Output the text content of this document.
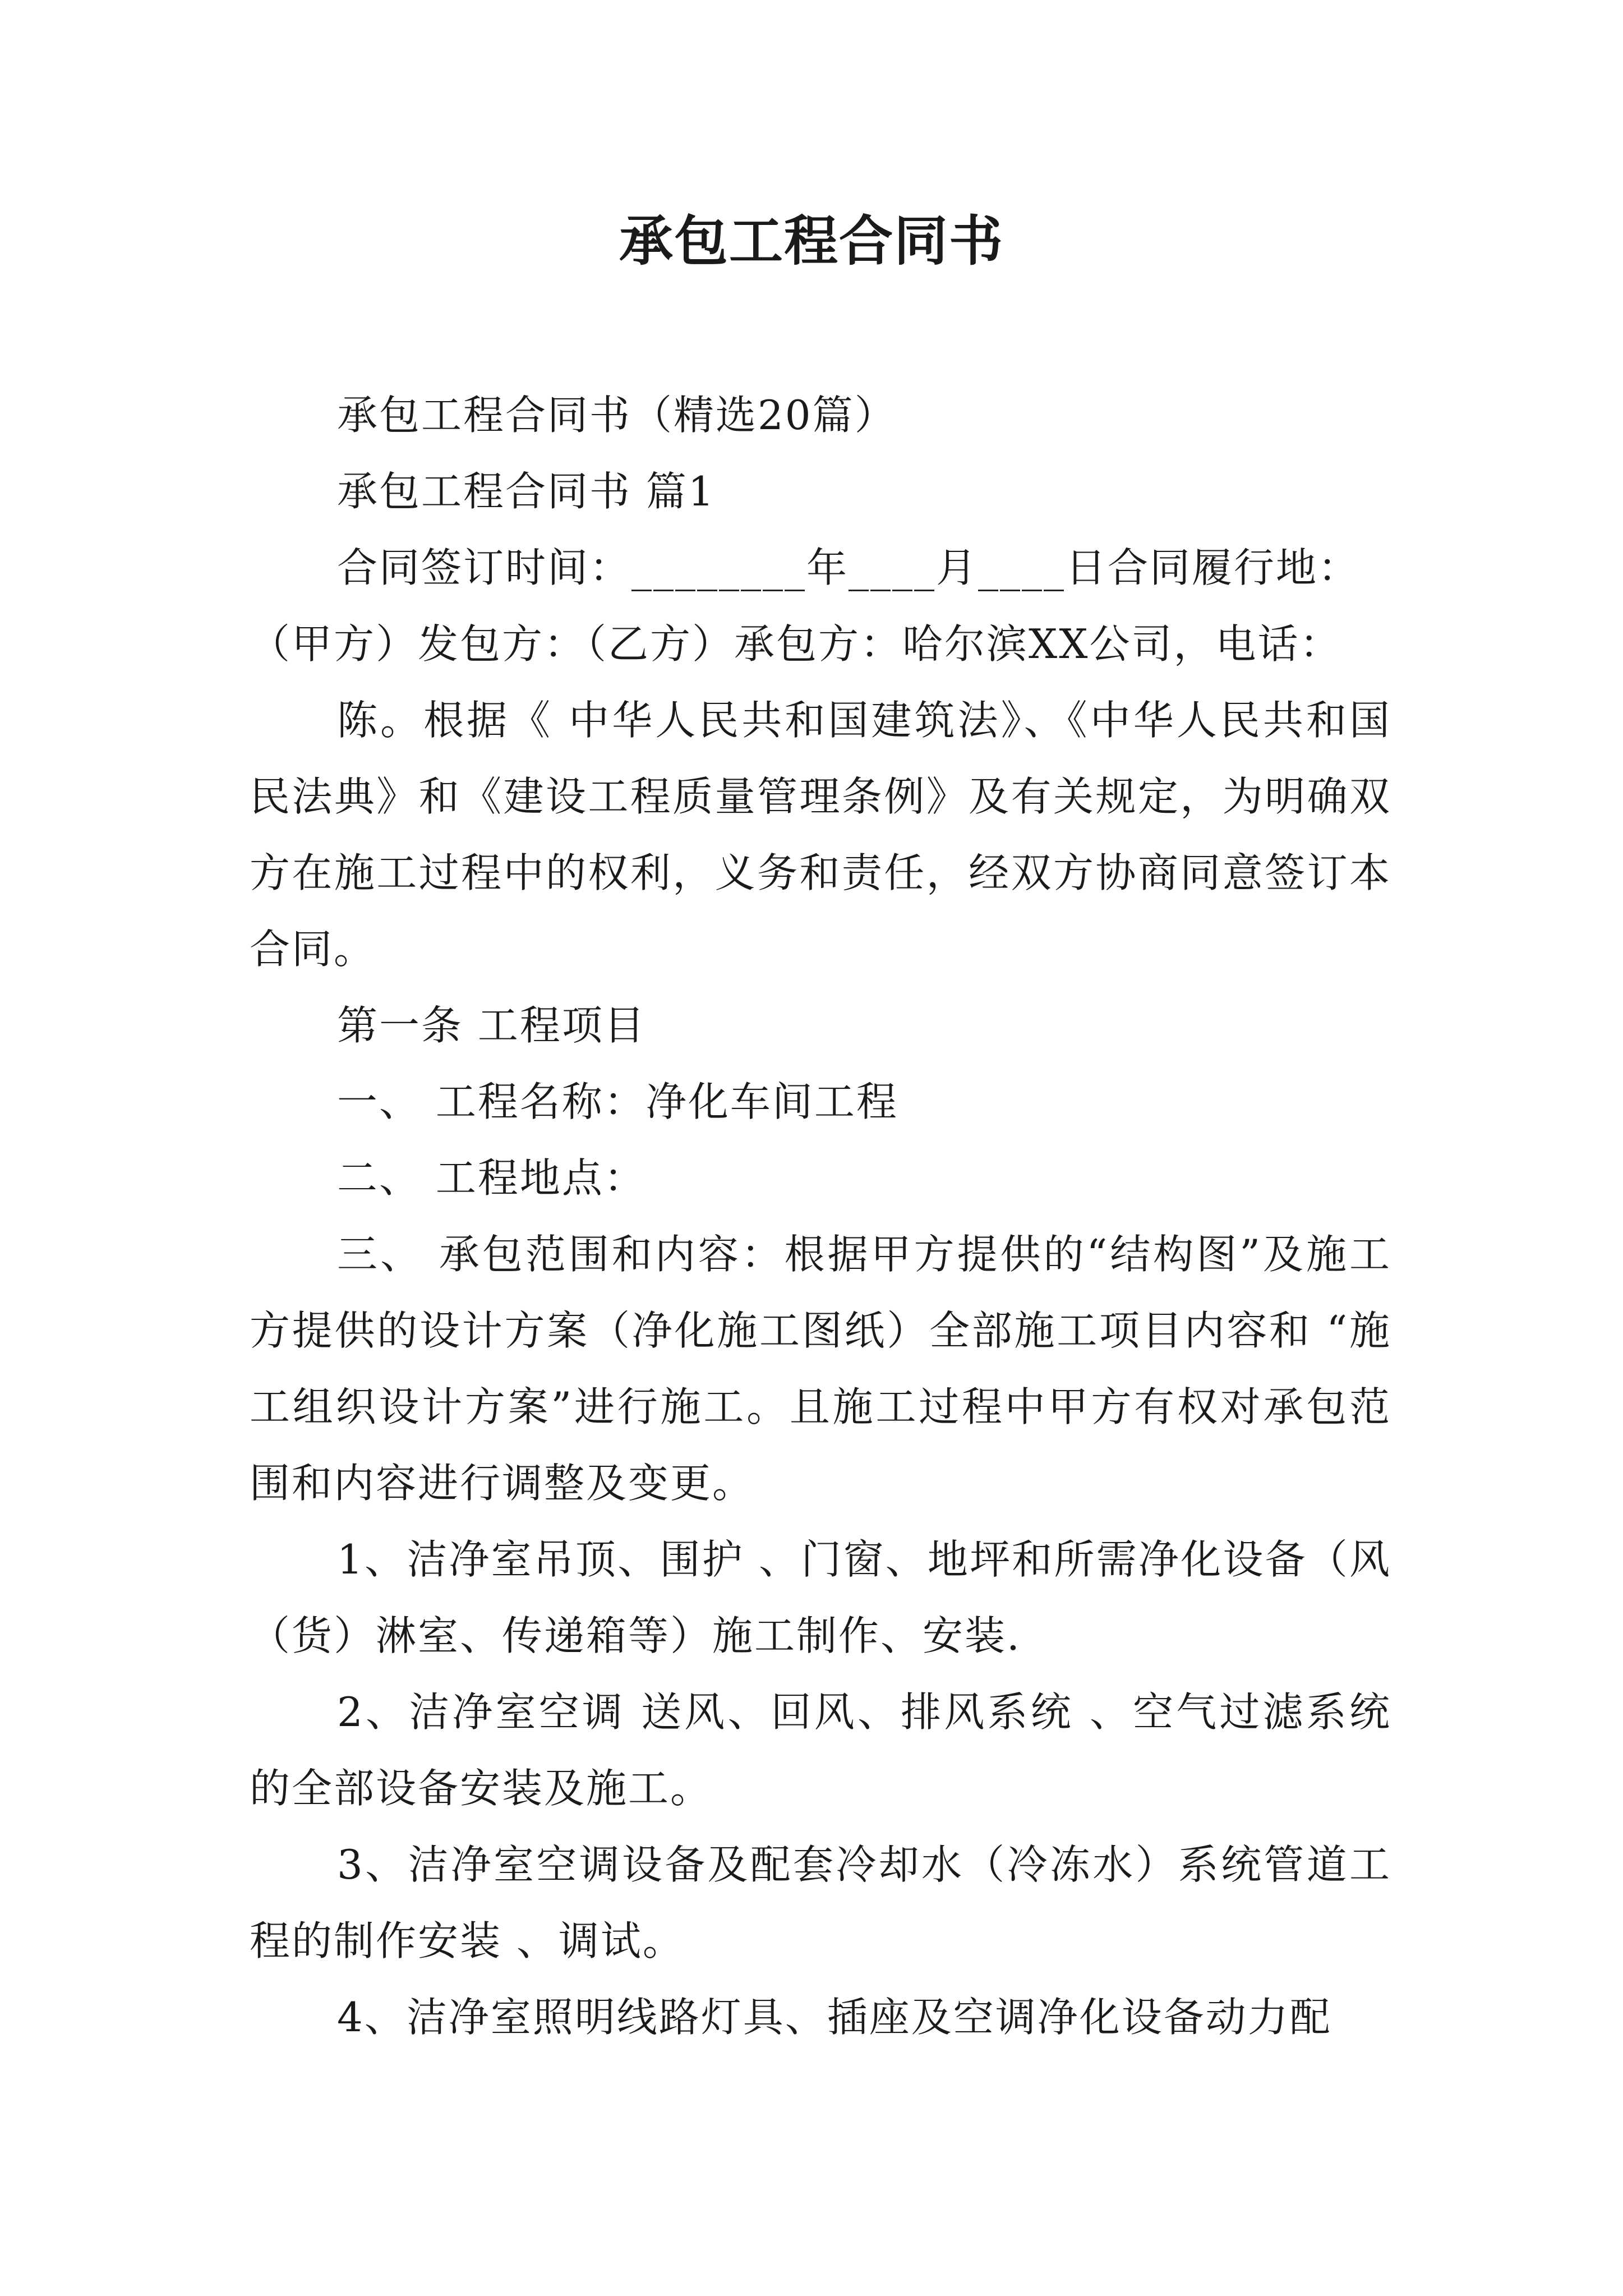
承包工程合同书

承包工程合同书（精选20篇）

承包工程合同书 篇1

合同签订时间：________年____月____日合同履行地：

（甲方）发包方：（乙方）承包方：哈尔滨XX公司，电话：

陈。根据《 中华人民共和国建筑法》、《中华人民共和国民法典》和《建设工程质量管理条例》及有关规定，为明确双方在施工过程中的权利，义务和责任，经双方协商同意签订本合同。

第一条 工程项目

一、 工程名称：净化车间工程

二、 工程地点：

三、 承包范围和内容：根据甲方提供的“结构图”及施工方提供的设计方案（净化施工图纸）全部施工项目内容和 “施工组织设计方案”进行施工。且施工过程中甲方有权对承包范围和内容进行调整及变更。

1、洁净室吊顶、围护 、门窗、地坪和所需净化设备（风（货）淋室、传递箱等）施工制作、安装.

2、洁净室空调 送风、回风、排风系统 、空气过滤系统的全部设备安装及施工。

3、洁净室空调设备及配套冷却水（冷冻水）系统管道工程的制作安装 、调试。

4、洁净室照明线路灯具、插座及空调净化设备动力配
